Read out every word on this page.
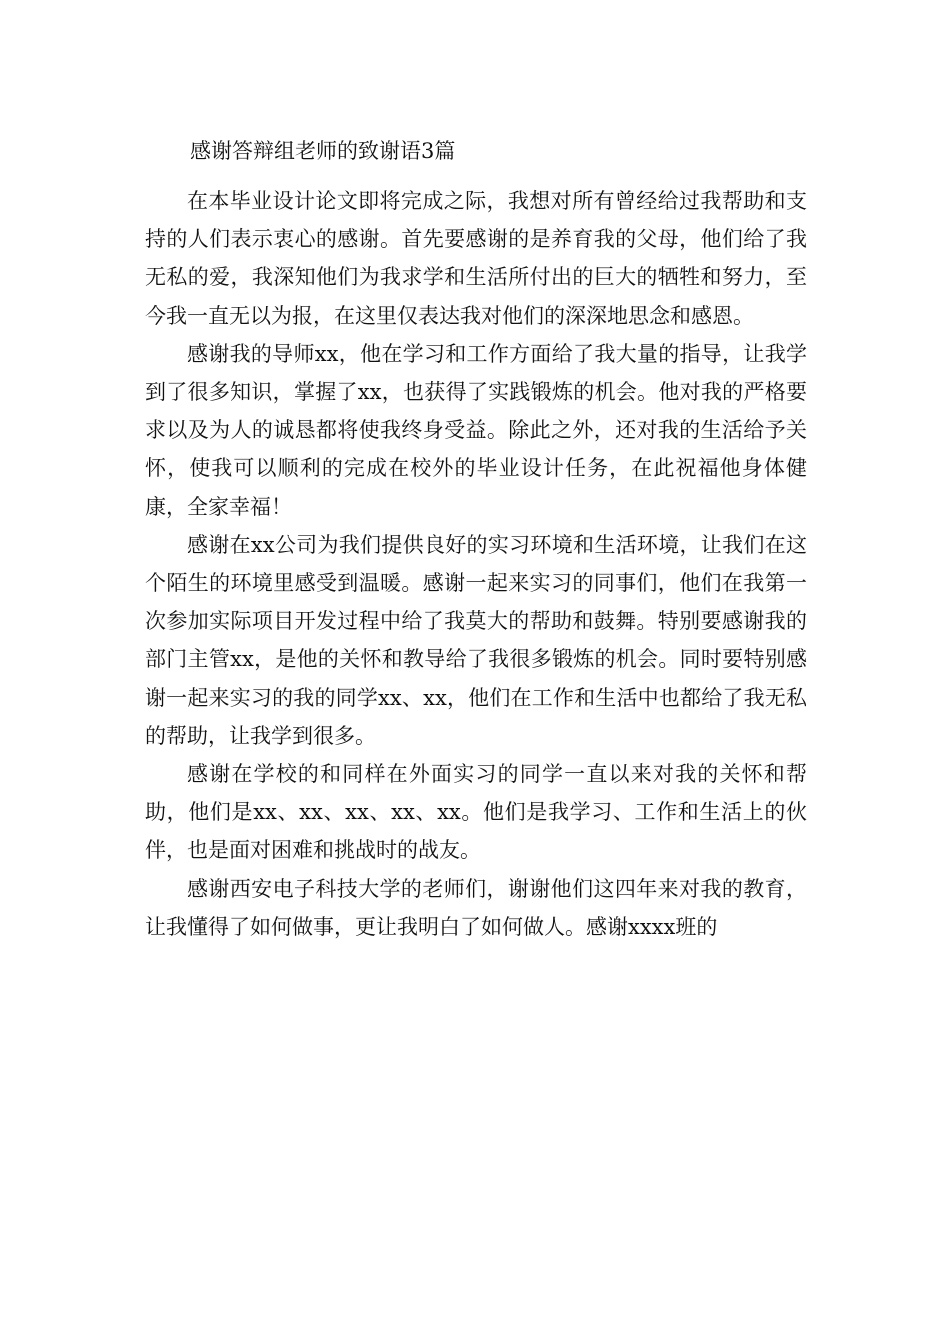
感谢答辩组老师的致谢语3篇

在本毕业设计论文即将完成之际，我想对所有曾经给过我帮助和支持的人们表示衷心的感谢。首先要感谢的是养育我的父母，他们给了我无私的爱，我深知他们为我求学和生活所付出的巨大的牺牲和努力，至今我一直无以为报，在这里仅表达我对他们的深深地思念和感恩。

感谢我的导师xx，他在学习和工作方面给了我大量的指导，让我学到了很多知识，掌握了xx，也获得了实践锻炼的机会。他对我的严格要求以及为人的诚恳都将使我终身受益。除此之外，还对我的生活给予关怀，使我可以顺利的完成在校外的毕业设计任务，在此祝福他身体健康，全家幸福！

感谢在xx公司为我们提供良好的实习环境和生活环境，让我们在这个陌生的环境里感受到温暖。感谢一起来实习的同事们，他们在我第一次参加实际项目开发过程中给了我莫大的帮助和鼓舞。特别要感谢我的部门主管xx，是他的关怀和教导给了我很多锻炼的机会。同时要特别感谢一起来实习的我的同学xx、xx，他们在工作和生活中也都给了我无私的帮助，让我学到很多。

感谢在学校的和同样在外面实习的同学一直以来对我的关怀和帮助，他们是xx、xx、xx、xx、xx。他们是我学习、工作和生活上的伙伴，也是面对困难和挑战时的战友。

感谢西安电子科技大学的老师们，谢谢他们这四年来对我的教育，让我懂得了如何做事，更让我明白了如何做人。感谢xxxx班的
